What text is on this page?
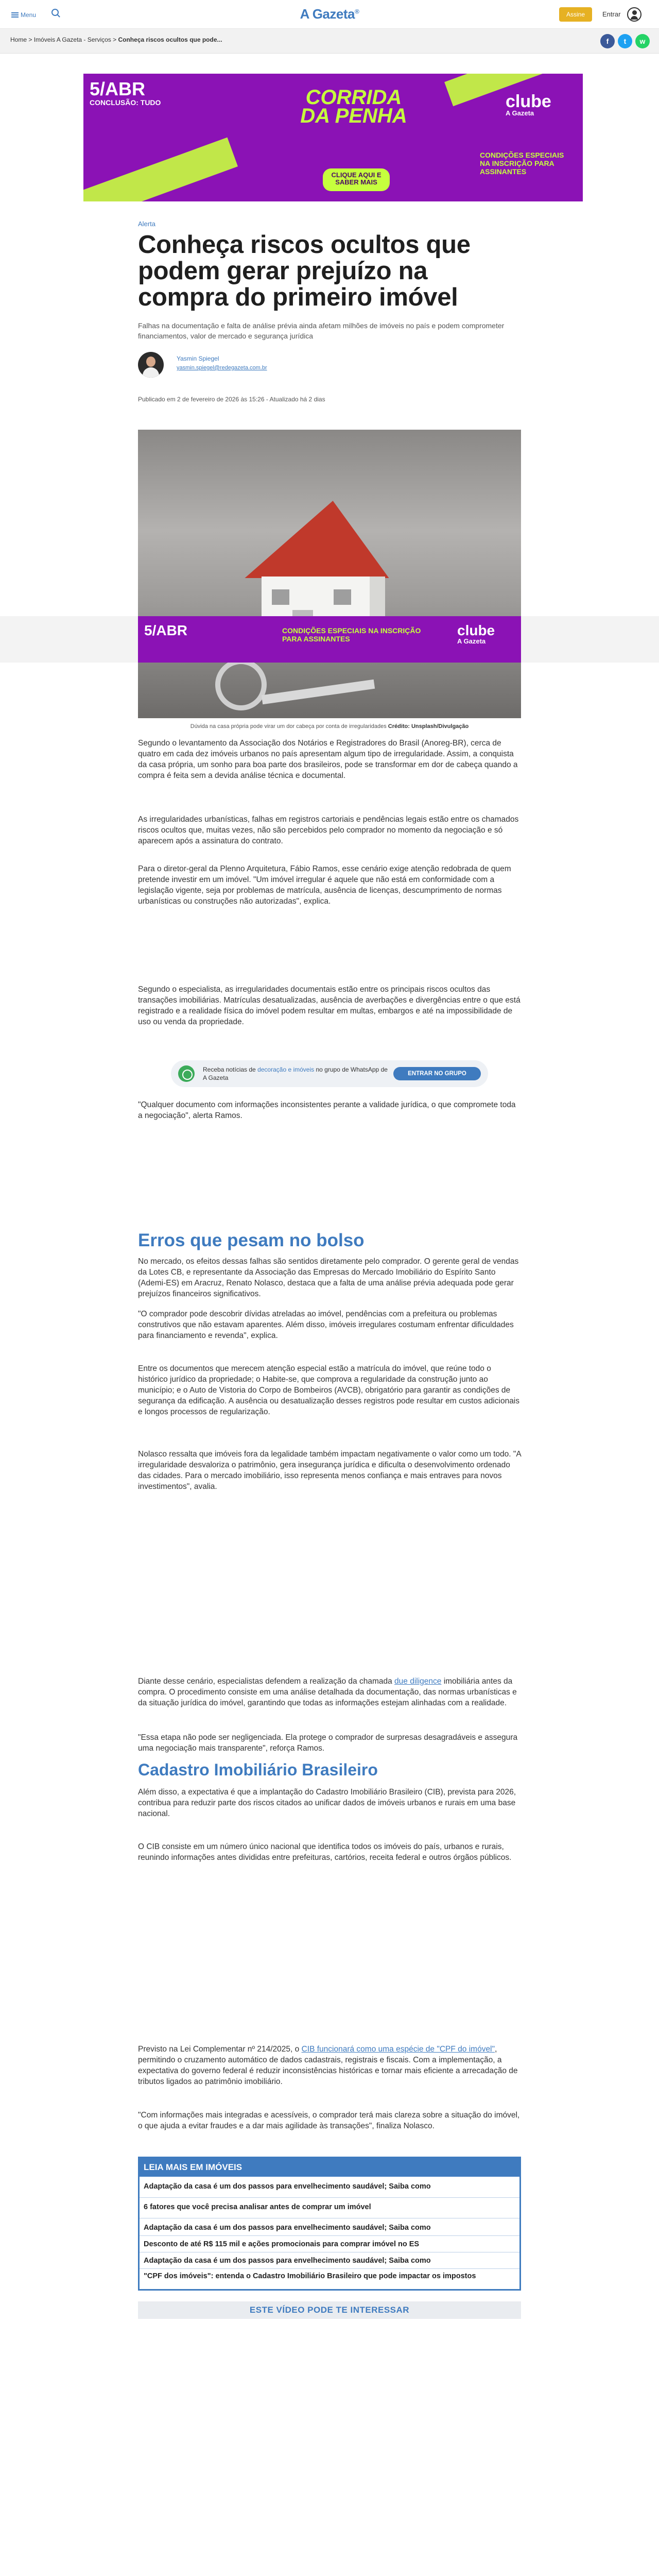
Menu	A Gazeta®	Assine	Entrar
Home > Imóveis A Gazeta - Serviços > Conheça riscos ocultos que pode...	f	t	w
5/ABR
CONCLUSÃO: TUDO	CORRIDA DA PENHA
CLIQUE AQUI E SABER MAIS
clube
A Gazeta
CONDIÇÕES ESPECIAIS NA INSCRIÇÃO PARA ASSINANTES
Alerta
Conheça riscos ocultos que podem gerar prejuízo na compra do primeiro imóvel
Falhas na documentação e falta de análise prévia ainda afetam milhões de imóveis no país e podem comprometer financiamentos, valor de mercado e segurança jurídica
Yasmin Spiegel
yasmin.spiegel@redegazeta.com.br
Publicado em 2 de fevereiro de 2026 às 15:26 - Atualizado há 2 dias
5/ABR	CONDIÇÕES ESPECIAIS NA INSCRIÇÃO PARA ASSINANTES
clube
A Gazeta
Dúvida na casa própria pode virar um dor cabeça por conta de irregularidades Crédito: Unsplash/Divulgação

Segundo o levantamento da Associação dos Notários e Registradores do Brasil (Anoreg-BR), cerca de quatro em cada dez imóveis urbanos no país apresentam algum tipo de irregularidade. Assim, a conquista da casa própria, um sonho para boa parte dos brasileiros, pode se transformar em dor de cabeça quando a compra é feita sem a devida análise técnica e documental.

As irregularidades urbanísticas, falhas em registros cartoriais e pendências legais estão entre os chamados riscos ocultos que, muitas vezes, não são percebidos pelo comprador no momento da negociação e só aparecem após a assinatura do contrato.

Para o diretor-geral da Plenno Arquitetura, Fábio Ramos, esse cenário exige atenção redobrada de quem pretende investir em um imóvel. "Um imóvel irregular é aquele que não está em conformidade com a legislação vigente, seja por problemas de matrícula, ausência de licenças, descumprimento de normas urbanísticas ou construções não autorizadas", explica.

Segundo o especialista, as irregularidades documentais estão entre os principais riscos ocultos das transações imobiliárias. Matrículas desatualizadas, ausência de averbações e divergências entre o que está registrado e a realidade física do imóvel podem resultar em multas, embargos e até na impossibilidade de uso ou venda da propriedade.

Receba notícias de decoração e imóveis no grupo de WhatsApp de A Gazeta
ENTRAR NO GRUPO

"Qualquer documento com informações inconsistentes perante a validade jurídica, o que compromete toda a negociação", alerta Ramos.

Erros que pesam no bolso

No mercado, os efeitos dessas falhas são sentidos diretamente pelo comprador. O gerente geral de vendas da Lotes CB, e representante da Associação das Empresas do Mercado Imobiliário do Espírito Santo (Ademi-ES) em Aracruz, Renato Nolasco, destaca que a falta de uma análise prévia adequada pode gerar prejuízos financeiros significativos.

"O comprador pode descobrir dívidas atreladas ao imóvel, pendências com a prefeitura ou problemas construtivos que não estavam aparentes. Além disso, imóveis irregulares costumam enfrentar dificuldades para financiamento e revenda", explica.

Entre os documentos que merecem atenção especial estão a matrícula do imóvel, que reúne todo o histórico jurídico da propriedade; o Habite-se, que comprova a regularidade da construção junto ao município; e o Auto de Vistoria do Corpo de Bombeiros (AVCB), obrigatório para garantir as condições de segurança da edificação. A ausência ou desatualização desses registros pode resultar em custos adicionais e longos processos de regularização.

Nolasco ressalta que imóveis fora da legalidade também impactam negativamente o valor como um todo. "A irregularidade desvaloriza o patrimônio, gera insegurança jurídica e dificulta o desenvolvimento ordenado das cidades. Para o mercado imobiliário, isso representa menos confiança e mais entraves para novos investimentos", avalia.

Diante desse cenário, especialistas defendem a realização da chamada due diligence imobiliária antes da compra. O procedimento consiste em uma análise detalhada da documentação, das normas urbanísticas e da situação jurídica do imóvel, garantindo que todas as informações estejam alinhadas com a realidade.

"Essa etapa não pode ser negligenciada. Ela protege o comprador de surpresas desagradáveis e assegura uma negociação mais transparente", reforça Ramos.

Cadastro Imobiliário Brasileiro

Além disso, a expectativa é que a implantação do Cadastro Imobiliário Brasileiro (CIB), prevista para 2026, contribua para reduzir parte dos riscos citados ao unificar dados de imóveis urbanos e rurais em uma base nacional.

O CIB consiste em um número único nacional que identifica todos os imóveis do país, urbanos e rurais, reunindo informações antes divididas entre prefeituras, cartórios, receita federal e outros órgãos públicos.

Previsto na Lei Complementar nº 214/2025, o CIB funcionará como uma espécie de "CPF do imóvel", permitindo o cruzamento automático de dados cadastrais, registrais e fiscais. Com a implementação, a expectativa do governo federal é reduzir inconsistências históricas e tornar mais eficiente a arrecadação de tributos ligados ao patrimônio imobiliário.

"Com informações mais integradas e acessíveis, o comprador terá mais clareza sobre a situação do imóvel, o que ajuda a evitar fraudes e a dar mais agilidade às transações", finaliza Nolasco.

LEIA MAIS EM IMÓVEIS
Adaptação da casa é um dos passos para envelhecimento saudável; Saiba como
6 fatores que você precisa analisar antes de comprar um imóvel
Adaptação da casa é um dos passos para envelhecimento saudável; Saiba como
Desconto de até R$ 115 mil e ações promocionais para comprar imóvel no ES
Adaptação da casa é um dos passos para envelhecimento saudável; Saiba como
"CPF dos imóveis": entenda o Cadastro Imobiliário Brasileiro que pode impactar os impostos
ESTE VÍDEO PODE TE INTERESSAR
